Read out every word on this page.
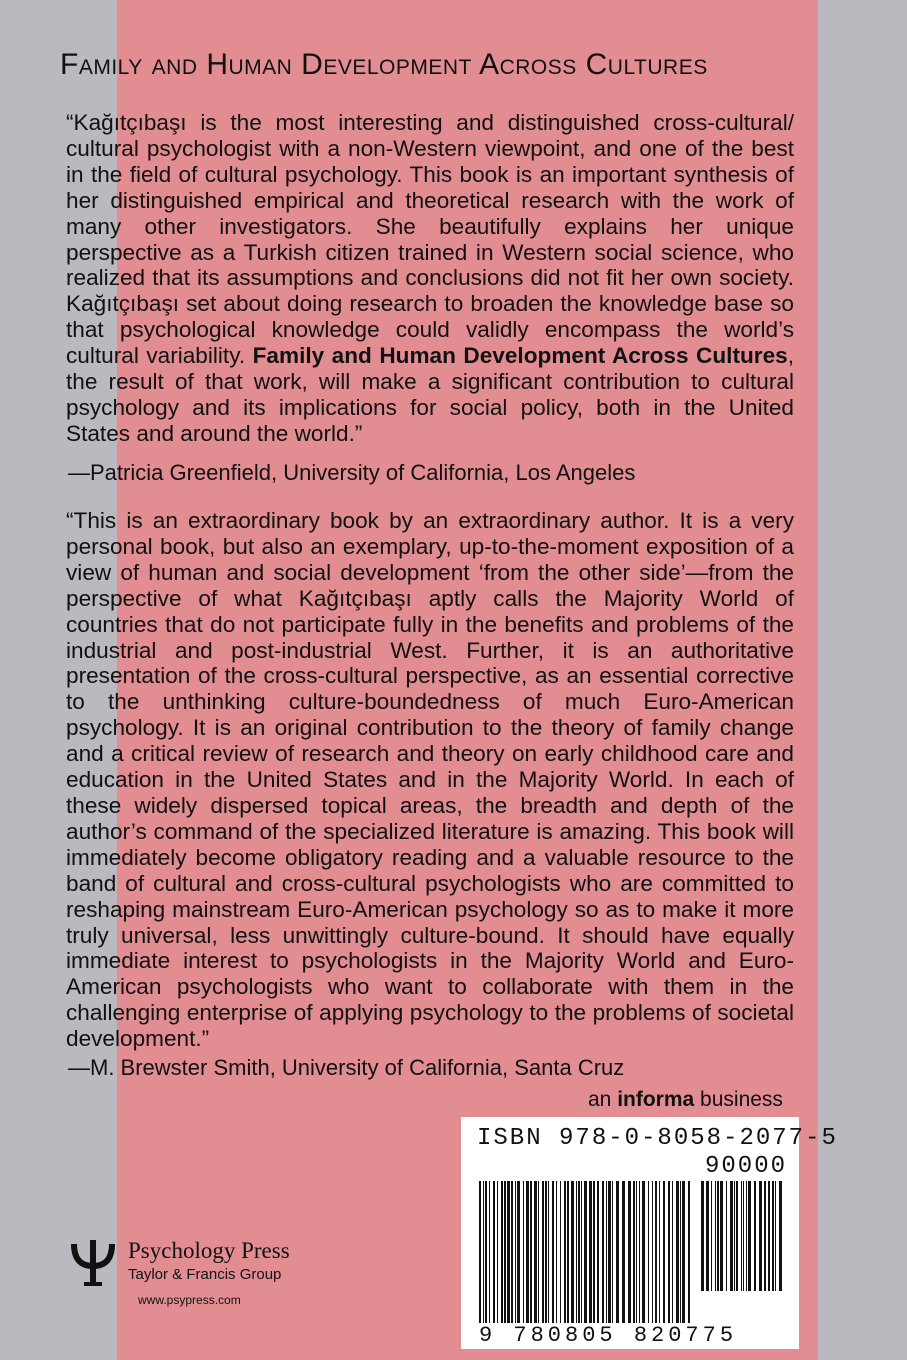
Family and Human Development Across Cultures
“Kağıtçıbaşı is the most interesting and distinguished cross-cultural/ cultural psychologist with a non-Western viewpoint, and one of the best in the field of cultural psychology. This book is an important synthesis of her distinguished empirical and theoretical research with the work of many other investigators. She beautifully explains her unique perspective as a Turkish citizen trained in Western social science, who realized that its assumptions and conclusions did not fit her own society. Kağıtçıbaşı set about doing research to broaden the knowledge base so that psychological knowledge could validly encompass the world’s cultural variability. Family and Human Development Across Cultures, the result of that work, will make a significant contribution to cultural psychology and its implications for social policy, both in the United States and around the world.”
—Patricia Greenfield, University of California, Los Angeles
“This is an extraordinary book by an extraordinary author. It is a very personal book, but also an exemplary, up-to-the-moment exposition of a view of human and social development ‘from the other side’—from the perspective of what Kağıtçıbaşı aptly calls the Majority World of countries that do not participate fully in the benefits and problems of the industrial and post-industrial West. Further, it is an authoritative presentation of the cross-cultural perspective, as an essential corrective to the unthinking culture-boundedness of much Euro-American psychology. It is an original contribution to the theory of family change and a critical review of research and theory on early childhood care and education in the United States and in the Majority World. In each of these widely dispersed topical areas, the breadth and depth of the author’s command of the specialized literature is amazing. This book will immediately become obligatory reading and a valuable resource to the band of cultural and cross-cultural psychologists who are committed to reshaping mainstream Euro-American psychology so as to make it more truly universal, less unwittingly culture-bound. It should have equally immediate interest to psychologists in the Majority World and Euro-American psychologists who want to collaborate with them in the challenging enterprise of applying psychology to the problems of societal development.”
—M. Brewster Smith, University of California, Santa Cruz
an informa business
ISBN 978-0-8058-2077-5
90000
9 780805 820775
Psychology Press
Taylor & Francis Group
www.psypress.com
